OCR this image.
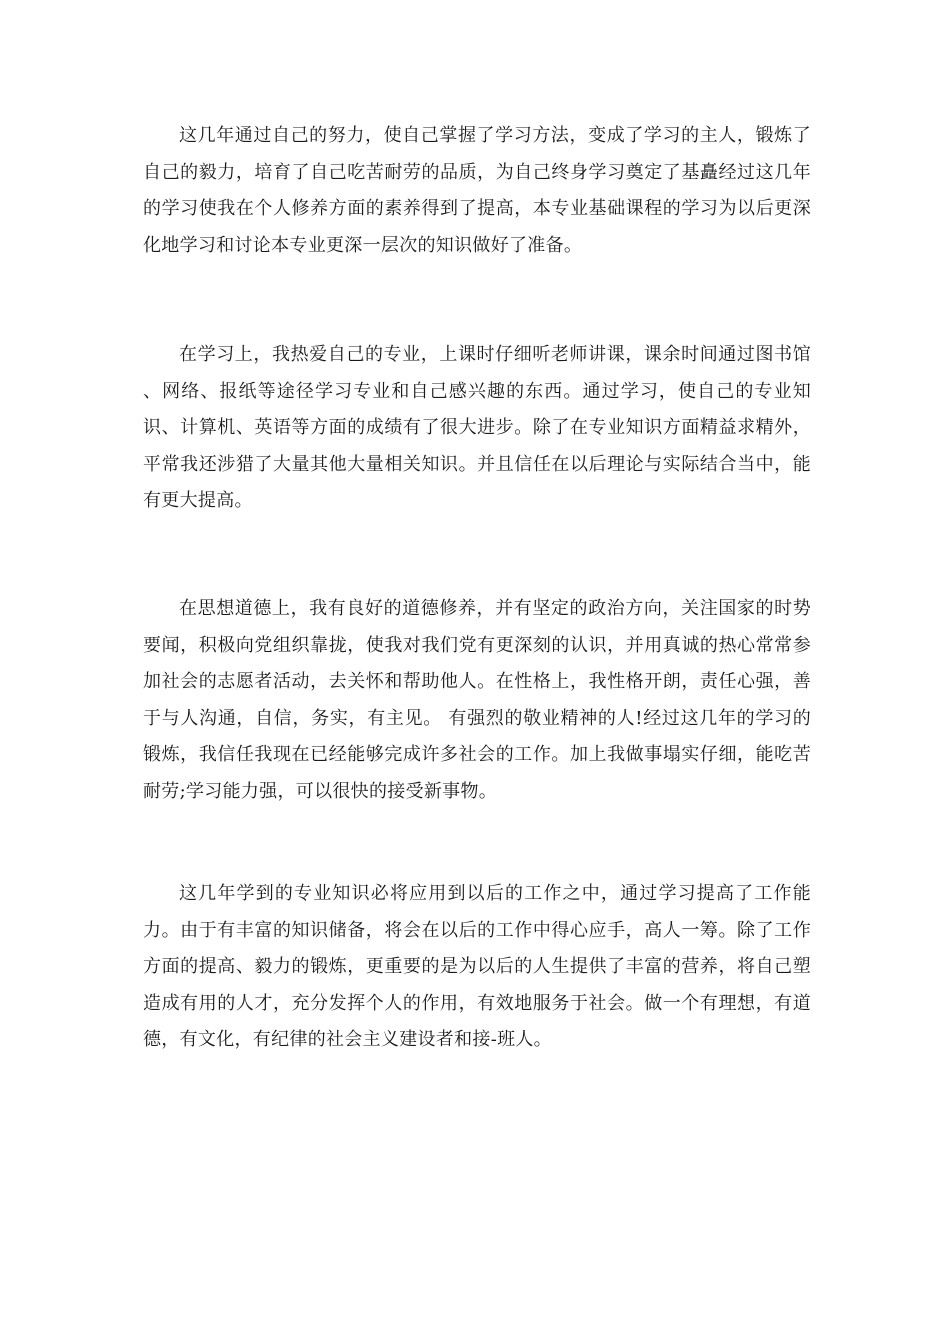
这几年通过自己的努力，使自己掌握了学习方法，变成了学习的主人，锻炼了自己的毅力，培育了自己吃苦耐劳的品质，为自己终身学习奠定了基矗经过这几年的学习使我在个人修养方面的素养得到了提高，本专业基础课程的学习为以后更深化地学习和讨论本专业更深一层次的知识做好了准备。

在学习上，我热爱自己的专业，上课时仔细听老师讲课，课余时间通过图书馆 、网络、报纸等途径学习专业和自己感兴趣的东西。通过学习，使自己的专业知识、计算机、英语等方面的成绩有了很大进步。除了在专业知识方面精益求精外，平常我还涉猎了大量其他大量相关知识。并且信任在以后理论与实际结合当中，能有更大提高。

在思想道德上，我有良好的道德修养，并有坚定的政治方向，关注国家的时势要闻，积极向党组织靠拢，使我对我们党有更深刻的认识，并用真诚的热心常常参加社会的志愿者活动，去关怀和帮助他人。在性格上，我性格开朗，责任心强，善于与人沟通，自信，务实，有主见。 有强烈的敬业精神的人!经过这几年的学习的锻炼，我信任我现在已经能够完成许多社会的工作。加上我做事塌实仔细，能吃苦耐劳;学习能力强，可以很快的接受新事物。

这几年学到的专业知识必将应用到以后的工作之中，通过学习提高了工作能力。由于有丰富的知识储备，将会在以后的工作中得心应手，高人一筹。除了工作方面的提高、毅力的锻炼，更重要的是为以后的人生提供了丰富的营养，将自己塑造成有用的人才，充分发挥个人的作用，有效地服务于社会。做一个有理想，有道德，有文化，有纪律的社会主义建设者和接-班人。
